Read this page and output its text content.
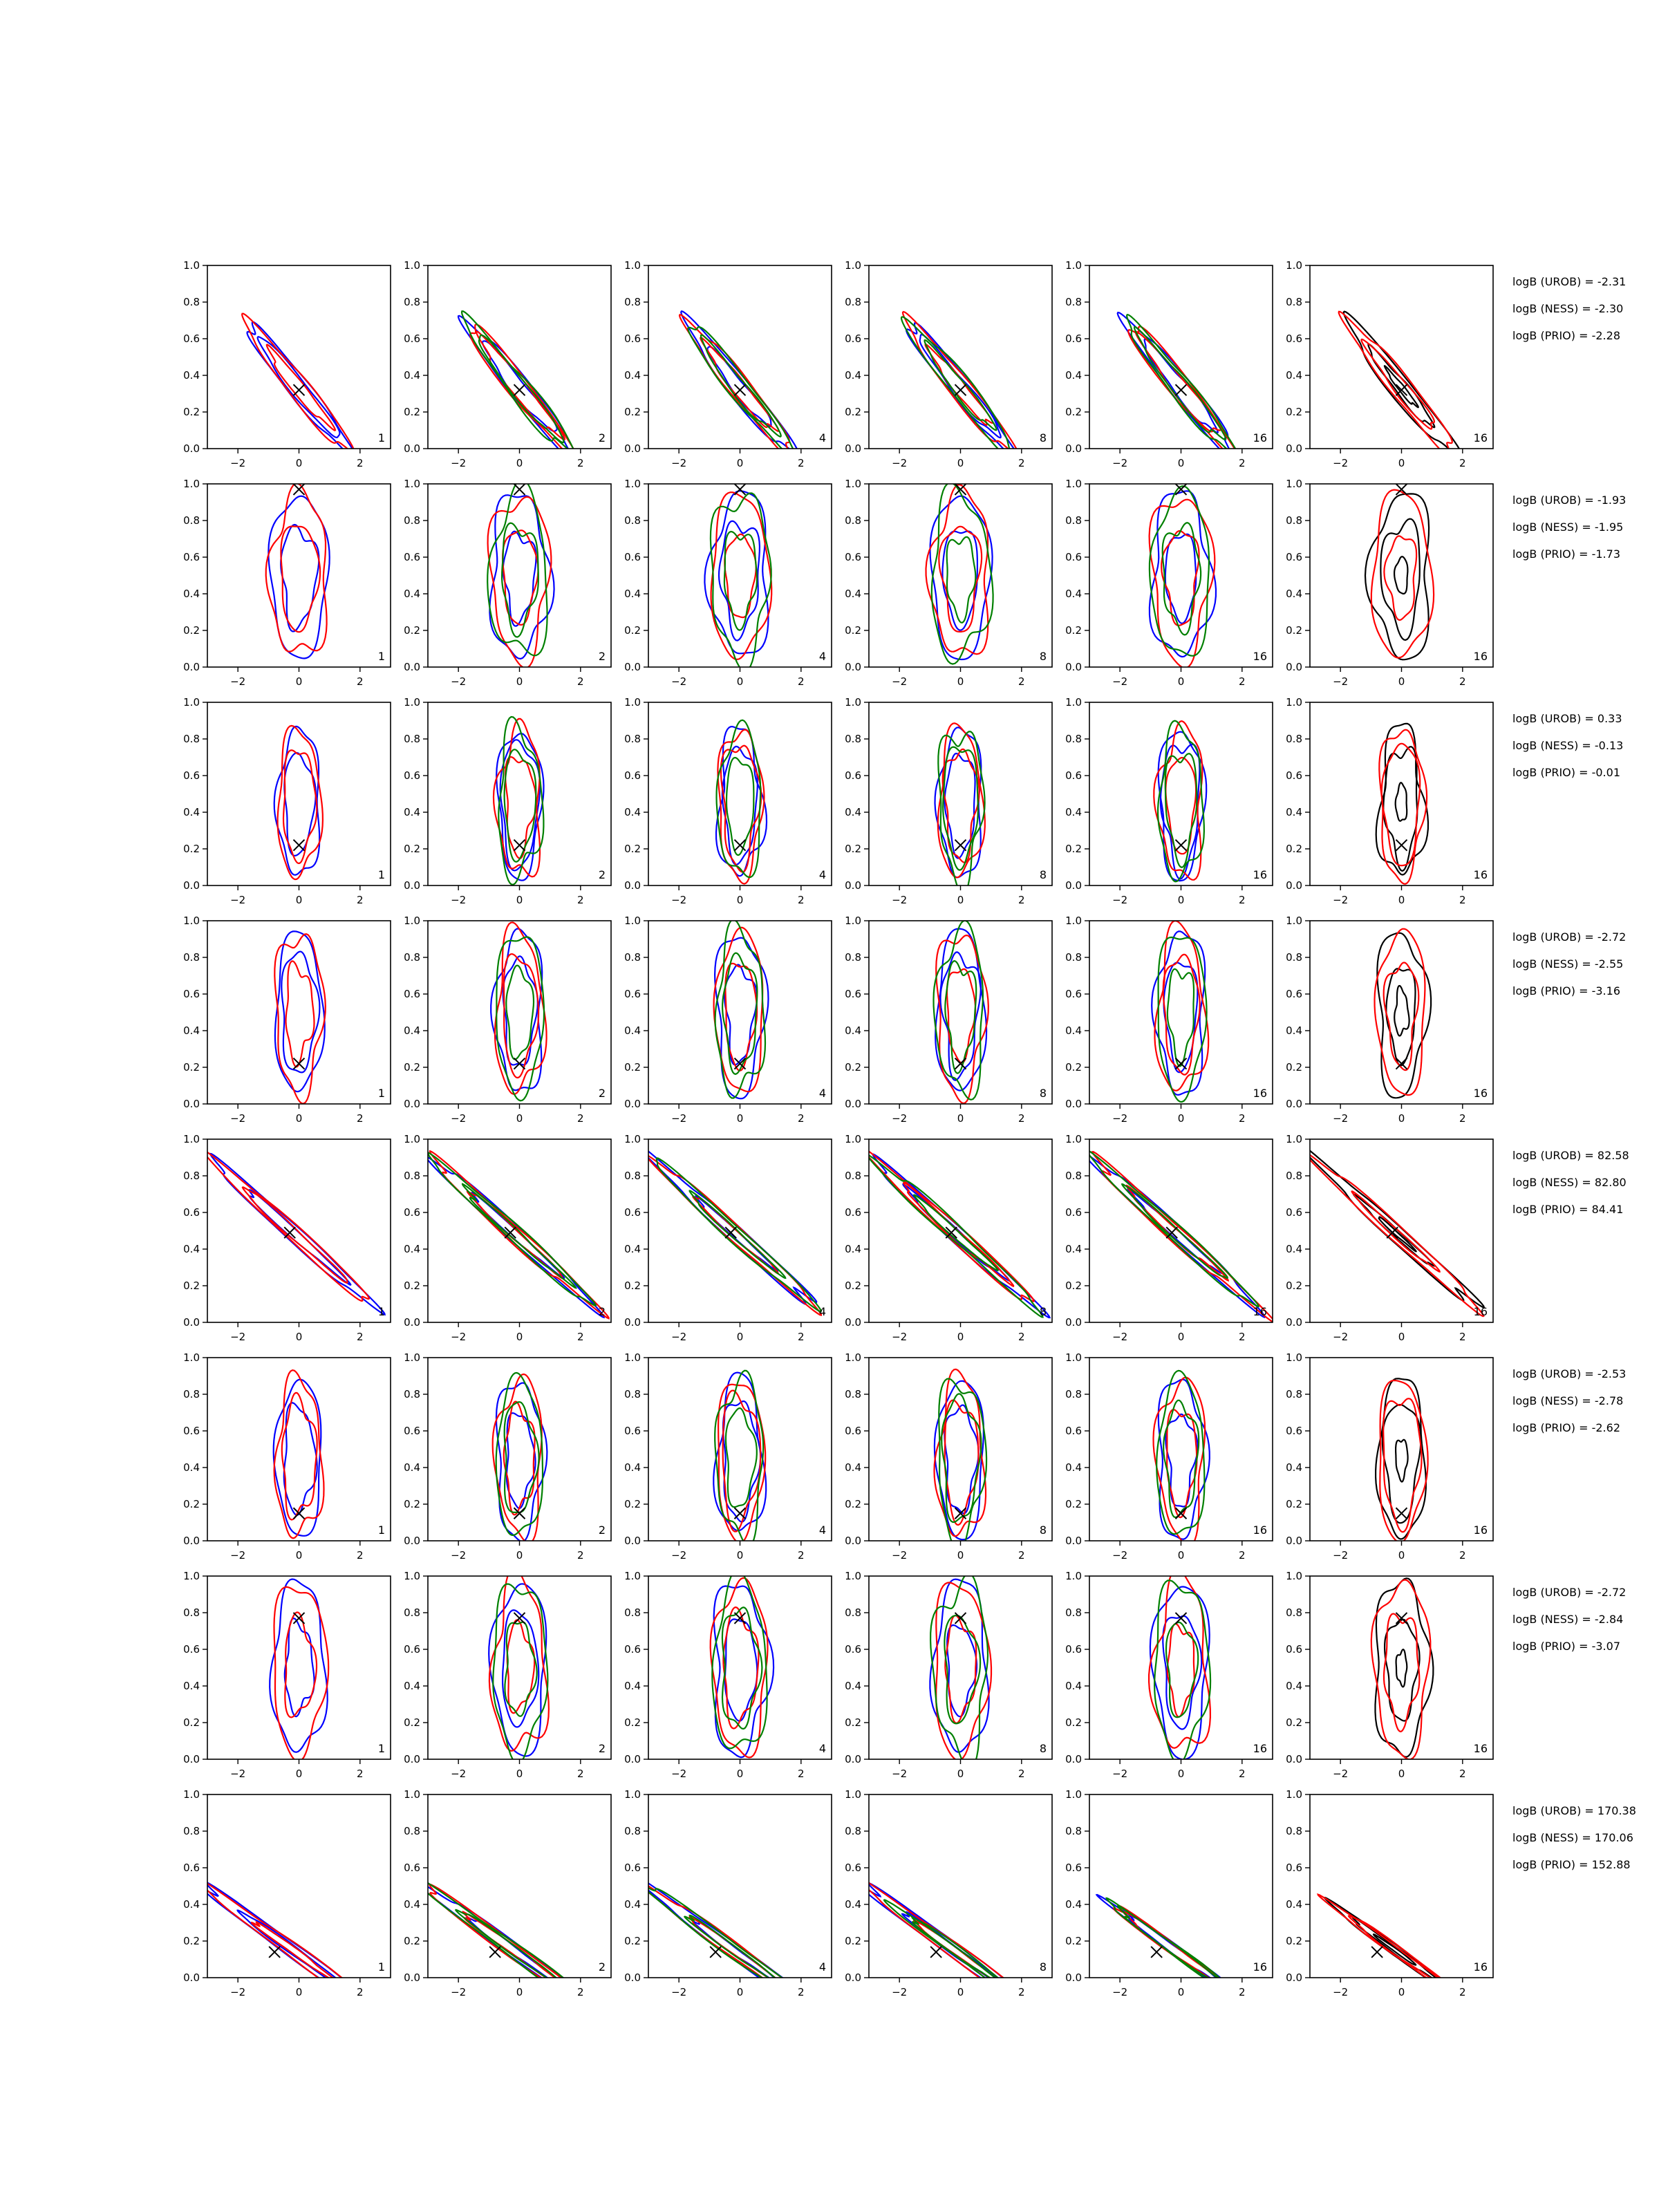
0.0
0.2
0.4
0.6
0.8
1.0
−2	0	2
1
0.0
0.2
0.4
0.6
0.8
1.0
−2	0	2
2
0.0
0.2
0.4
0.6
0.8
1.0
−2	0	2
4
0.0
0.2
0.4
0.6
0.8
1.0
−2	0	2
8
0.0
0.2
0.4
0.6
0.8
1.0
−2	0	2
16
0.0
0.2
0.4
0.6
0.8
1.0
−2	0	2
16
logB (UROB) = -2.31
logB (NESS) = -2.30
logB (PRIO) = -2.28
0.0
0.2
0.4
0.6
0.8
1.0
−2	0	2
1
0.0
0.2
0.4
0.6
0.8
1.0
−2	0	2
2
0.0
0.2
0.4
0.6
0.8
1.0
−2	0	2
4
0.0
0.2
0.4
0.6
0.8
1.0
−2	0	2
8
0.0
0.2
0.4
0.6
0.8
1.0
−2	0	2
16
0.0
0.2
0.4
0.6
0.8
1.0
−2	0	2
16
logB (UROB) = -1.93
logB (NESS) = -1.95
logB (PRIO) = -1.73
0.0
0.2
0.4
0.6
0.8
1.0
−2	0	2
1
0.0
0.2
0.4
0.6
0.8
1.0
−2	0	2
2
0.0
0.2
0.4
0.6
0.8
1.0
−2	0	2
4
0.0
0.2
0.4
0.6
0.8
1.0
−2	0	2
8
0.0
0.2
0.4
0.6
0.8
1.0
−2	0	2
16
0.0
0.2
0.4
0.6
0.8
1.0
−2	0	2
16
logB (UROB) = 0.33
logB (NESS) = -0.13
logB (PRIO) = -0.01
0.0
0.2
0.4
0.6
0.8
1.0
−2	0	2
1
0.0
0.2
0.4
0.6
0.8
1.0
−2	0	2
2
0.0
0.2
0.4
0.6
0.8
1.0
−2	0	2
4
0.0
0.2
0.4
0.6
0.8
1.0
−2	0	2
8
0.0
0.2
0.4
0.6
0.8
1.0
−2	0	2
16
0.0
0.2
0.4
0.6
0.8
1.0
−2	0	2
16
logB (UROB) = -2.72
logB (NESS) = -2.55
logB (PRIO) = -3.16
0.0
0.2
0.4
0.6
0.8
1.0
−2	0	2
1
0.0
0.2
0.4
0.6
0.8
1.0
−2	0	2
2
0.0
0.2
0.4
0.6
0.8
1.0
−2	0	2
4
0.0
0.2
0.4
0.6
0.8
1.0
−2	0	2
8
0.0
0.2
0.4
0.6
0.8
1.0
−2	0	2
16
0.0
0.2
0.4
0.6
0.8
1.0
−2	0	2
16
logB (UROB) = 82.58
logB (NESS) = 82.80
logB (PRIO) = 84.41
0.0
0.2
0.4
0.6
0.8
1.0
−2	0	2
1
0.0
0.2
0.4
0.6
0.8
1.0
−2	0	2
2
0.0
0.2
0.4
0.6
0.8
1.0
−2	0	2
4
0.0
0.2
0.4
0.6
0.8
1.0
−2	0	2
8
0.0
0.2
0.4
0.6
0.8
1.0
−2	0	2
16
0.0
0.2
0.4
0.6
0.8
1.0
−2	0	2
16
logB (UROB) = -2.53
logB (NESS) = -2.78
logB (PRIO) = -2.62
0.0
0.2
0.4
0.6
0.8
1.0
−2	0	2
1
0.0
0.2
0.4
0.6
0.8
1.0
−2	0	2
2
0.0
0.2
0.4
0.6
0.8
1.0
−2	0	2
4
0.0
0.2
0.4
0.6
0.8
1.0
−2	0	2
8
0.0
0.2
0.4
0.6
0.8
1.0
−2	0	2
16
0.0
0.2
0.4
0.6
0.8
1.0
−2	0	2
16
logB (UROB) = -2.72
logB (NESS) = -2.84
logB (PRIO) = -3.07
0.0
0.2
0.4
0.6
0.8
1.0
−2	0	2
1
0.0
0.2
0.4
0.6
0.8
1.0
−2	0	2
2
0.0
0.2
0.4
0.6
0.8
1.0
−2	0	2
4
0.0
0.2
0.4
0.6
0.8
1.0
−2	0	2
8
0.0
0.2
0.4
0.6
0.8
1.0
−2	0	2
16
0.0
0.2
0.4
0.6
0.8
1.0
−2	0	2
16
logB (UROB) = 170.38
logB (NESS) = 170.06
logB (PRIO) = 152.88
